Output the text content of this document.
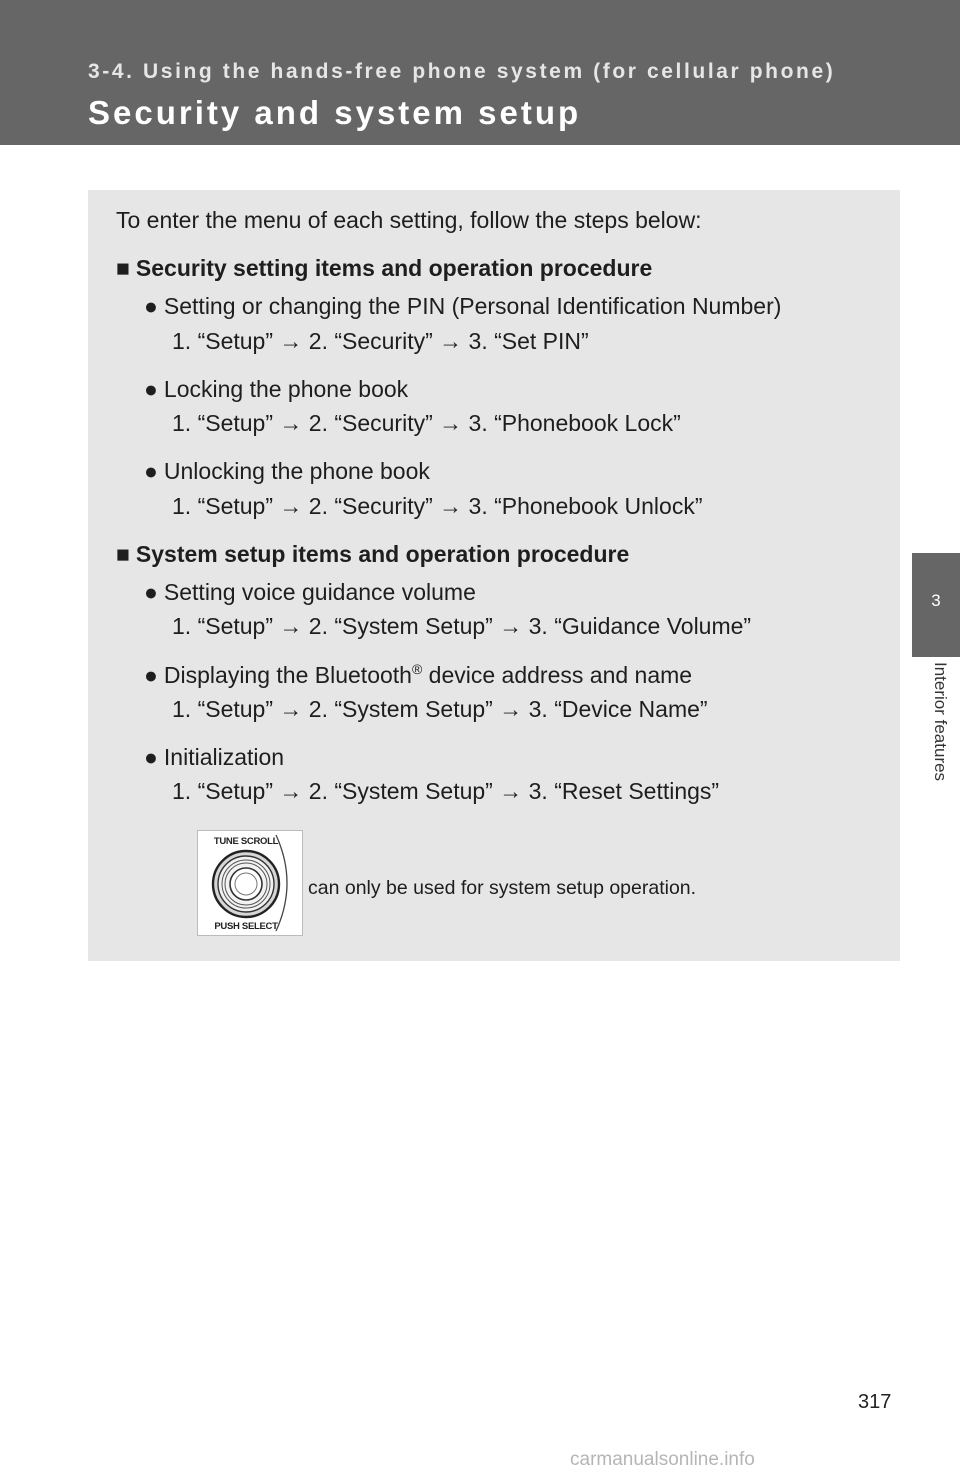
3-4. Using the hands-free phone system (for cellular phone)
Security and system setup
3
Interior features
To enter the menu of each setting, follow the steps below:
■ Security setting items and operation procedure
● Setting or changing the PIN (Personal Identification Number)
1. “Setup” → 2. “Security” → 3. “Set PIN”
● Locking the phone book
1. “Setup” → 2. “Security” → 3. “Phonebook Lock”
● Unlocking the phone book
1. “Setup” → 2. “Security” → 3. “Phonebook Unlock”
■ System setup items and operation procedure
● Setting voice guidance volume
1. “Setup” → 2. “System Setup” → 3. “Guidance Volume”
● Displaying the Bluetooth® device address and name
1. “Setup” → 2. “System Setup” → 3. “Device Name”
● Initialization
1. “Setup” → 2. “System Setup” → 3. “Reset Settings”
TUNE SCROLL
PUSH SELECT
can only be used for system setup operation.
317
carmanualsonline.info
